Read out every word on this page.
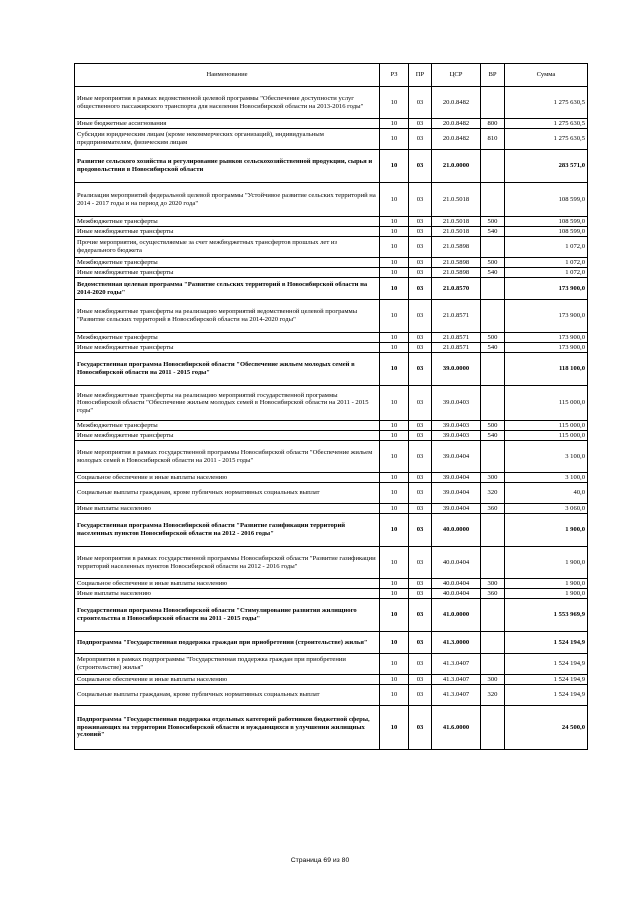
Наименование	РЗ	ПР	ЦСР	ВР	Сумма
Иные мероприятия в рамках ведомственной целевой программы "Обеспечение доступности услуг общественного пассажирского транспорта для населения Новосибирской области на 2013-2016 годы"	10	03	20.0.8482		1 275 630,5
Иные бюджетные ассигнования	10	03	20.0.8482	800	1 275 630,5
Субсидии юридическим лицам (кроме некоммерческих организаций), индивидуальным предпринимателям, физическим лицам	10	03	20.0.8482	810	1 275 630,5
Развитие сельского хозяйства и регулирование рынков сельскохозяйственной продукции, сырья и продовольствия в Новосибирской области	10	03	21.0.0000		283 571,0
Реализация мероприятий федеральной целевой программы "Устойчивое развитие сельских территорий на 2014 - 2017 годы и на период до 2020 года"	10	03	21.0.5018		108 599,0
Межбюджетные трансферты	10	03	21.0.5018	500	108 599,0
Иные межбюджетные трансферты	10	03	21.0.5018	540	108 599,0
Прочие мероприятия, осуществляемые за счет межбюджетных трансфертов прошлых лет из федерального бюджета	10	03	21.0.5898		1 072,0
Межбюджетные трансферты	10	03	21.0.5898	500	1 072,0
Иные межбюджетные трансферты	10	03	21.0.5898	540	1 072,0
Ведомственная целевая программа "Развитие сельских территорий в Новосибирской области на 2014-2020 годы"	10	03	21.0.8570		173 900,0
Иные межбюджетные трансферты на реализацию мероприятий ведомственной целевой программы "Развитие сельских территорий в Новосибирской области на 2014-2020 годы"	10	03	21.0.8571		173 900,0
Межбюджетные трансферты	10	03	21.0.8571	500	173 900,0
Иные межбюджетные трансферты	10	03	21.0.8571	540	173 900,0
Государственная программа Новосибирской области "Обеспечение жильем молодых семей в Новосибирской области на 2011 - 2015 годы"	10	03	39.0.0000		118 100,0
Иные межбюджетные трансферты на реализацию мероприятий государственной программы Новосибирской области "Обеспечение жильем молодых семей в Новосибирской области на 2011 - 2015 годы"	10	03	39.0.0403		115 000,0
Межбюджетные трансферты	10	03	39.0.0403	500	115 000,0
Иные межбюджетные трансферты	10	03	39.0.0403	540	115 000,0
Иные мероприятия в рамках государственной программы Новосибирской области "Обеспечение жильем молодых семей в Новосибирской области на 2011 - 2015 годы"	10	03	39.0.0404		3 100,0
Социальное обеспечение и иные выплаты населению	10	03	39.0.0404	300	3 100,0
Социальные выплаты гражданам, кроме публичных нормативных социальных выплат	10	03	39.0.0404	320	40,0
Иные выплаты населению	10	03	39.0.0404	360	3 060,0
Государственная программа Новосибирской области "Развитие газификации территорий населенных пунктов Новосибирской области на 2012 - 2016 годы"	10	03	40.0.0000		1 900,0
Иные мероприятия в рамках государственной программы Новосибирской области "Развитие газификации территорий населенных пунктов Новосибирской области на 2012 - 2016 годы"	10	03	40.0.0404		1 900,0
Социальное обеспечение и иные выплаты населению	10	03	40.0.0404	300	1 900,0
Иные выплаты населению	10	03	40.0.0404	360	1 900,0
Государственная программа Новосибирской области "Стимулирование развития жилищного строительства в Новосибирской области на 2011 - 2015 годы"	10	03	41.0.0000		1 553 969,9
Подпрограмма "Государственная поддержка граждан при приобретении (строительстве) жилья"	10	03	41.3.0000		1 524 194,9
Мероприятия в рамках подпрограммы "Государственная поддержка граждан при приобретении (строительстве) жилья"	10	03	41.3.0407		1 524 194,9
Социальное обеспечение и иные выплаты населению	10	03	41.3.0407	300	1 524 194,9
Социальные выплаты гражданам, кроме публичных нормативных социальных выплат	10	03	41.3.0407	320	1 524 194,9
Подпрограмма "Государственная поддержка отдельных категорий работников бюджетной сферы, проживающих на территории Новосибирской области и нуждающихся в улучшении жилищных условий"	10	03	41.6.0000		24 500,0
Страница 69 из 80
